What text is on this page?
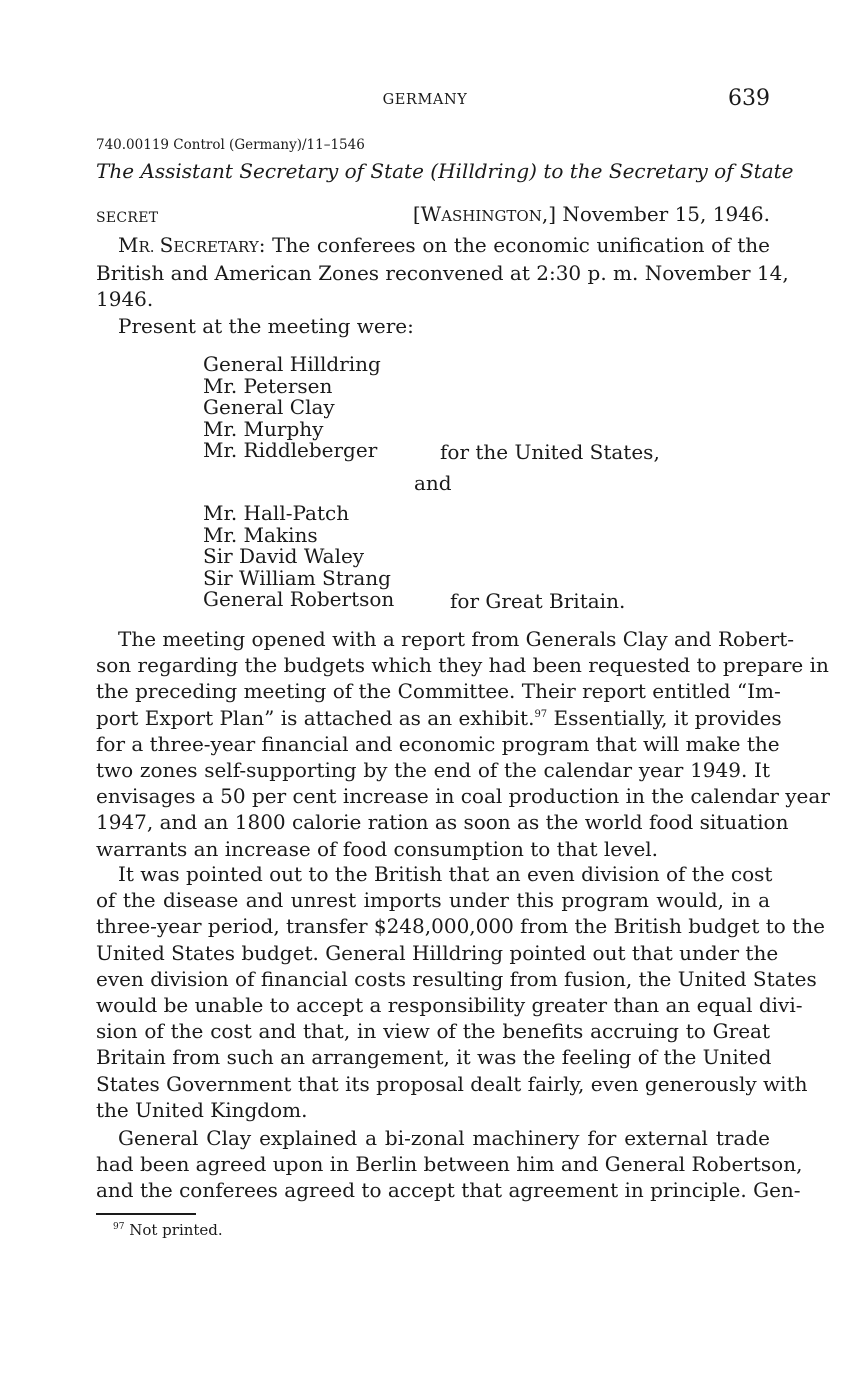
GERMANY	639
740.00119 Control (Germany)/11–1546
The Assistant Secretary of State (Hilldring) to the Secretary of State
SECRET	[WASHINGTON,] November 15, 1946.
MR. SECRETARY: The conferees on the economic unification of the
British and American Zones reconvened at 2:30 p. m. November 14,
1946.
Present at the meeting were:
General Hilldring
Mr. Petersen
General Clay
Mr. Murphy
Mr. Riddleberger	for the United States,
and
Mr. Hall-Patch
Mr. Makins
Sir David Waley
Sir William Strang
General Robertson	for Great Britain.
The meeting opened with a report from Generals Clay and Robert-
son regarding the budgets which they had been requested to prepare in
the preceding meeting of the Committee. Their report entitled “Im-
port Export Plan” is attached as an exhibit.$^{97}$ Essentially, it provides
for a three-year financial and economic program that will make the
two zones self-supporting by the end of the calendar year 1949. It
envisages a 50 per cent increase in coal production in the calendar year
1947, and an 1800 calorie ration as soon as the world food situation
warrants an increase of food consumption to that level.
It was pointed out to the British that an even division of the cost
of the disease and unrest imports under this program would, in a
three-year period, transfer $248,000,000 from the British budget to the
United States budget. General Hilldring pointed out that under the
even division of financial costs resulting from fusion, the United States
would be unable to accept a responsibility greater than an equal divi-
sion of the cost and that, in view of the benefits accruing to Great
Britain from such an arrangement, it was the feeling of the United
States Government that its proposal dealt fairly, even generously with
the United Kingdom.
General Clay explained a bi-zonal machinery for external trade
had been agreed upon in Berlin between him and General Robertson,
and the conferees agreed to accept that agreement in principle. Gen-
$^{97}$ Not printed.
